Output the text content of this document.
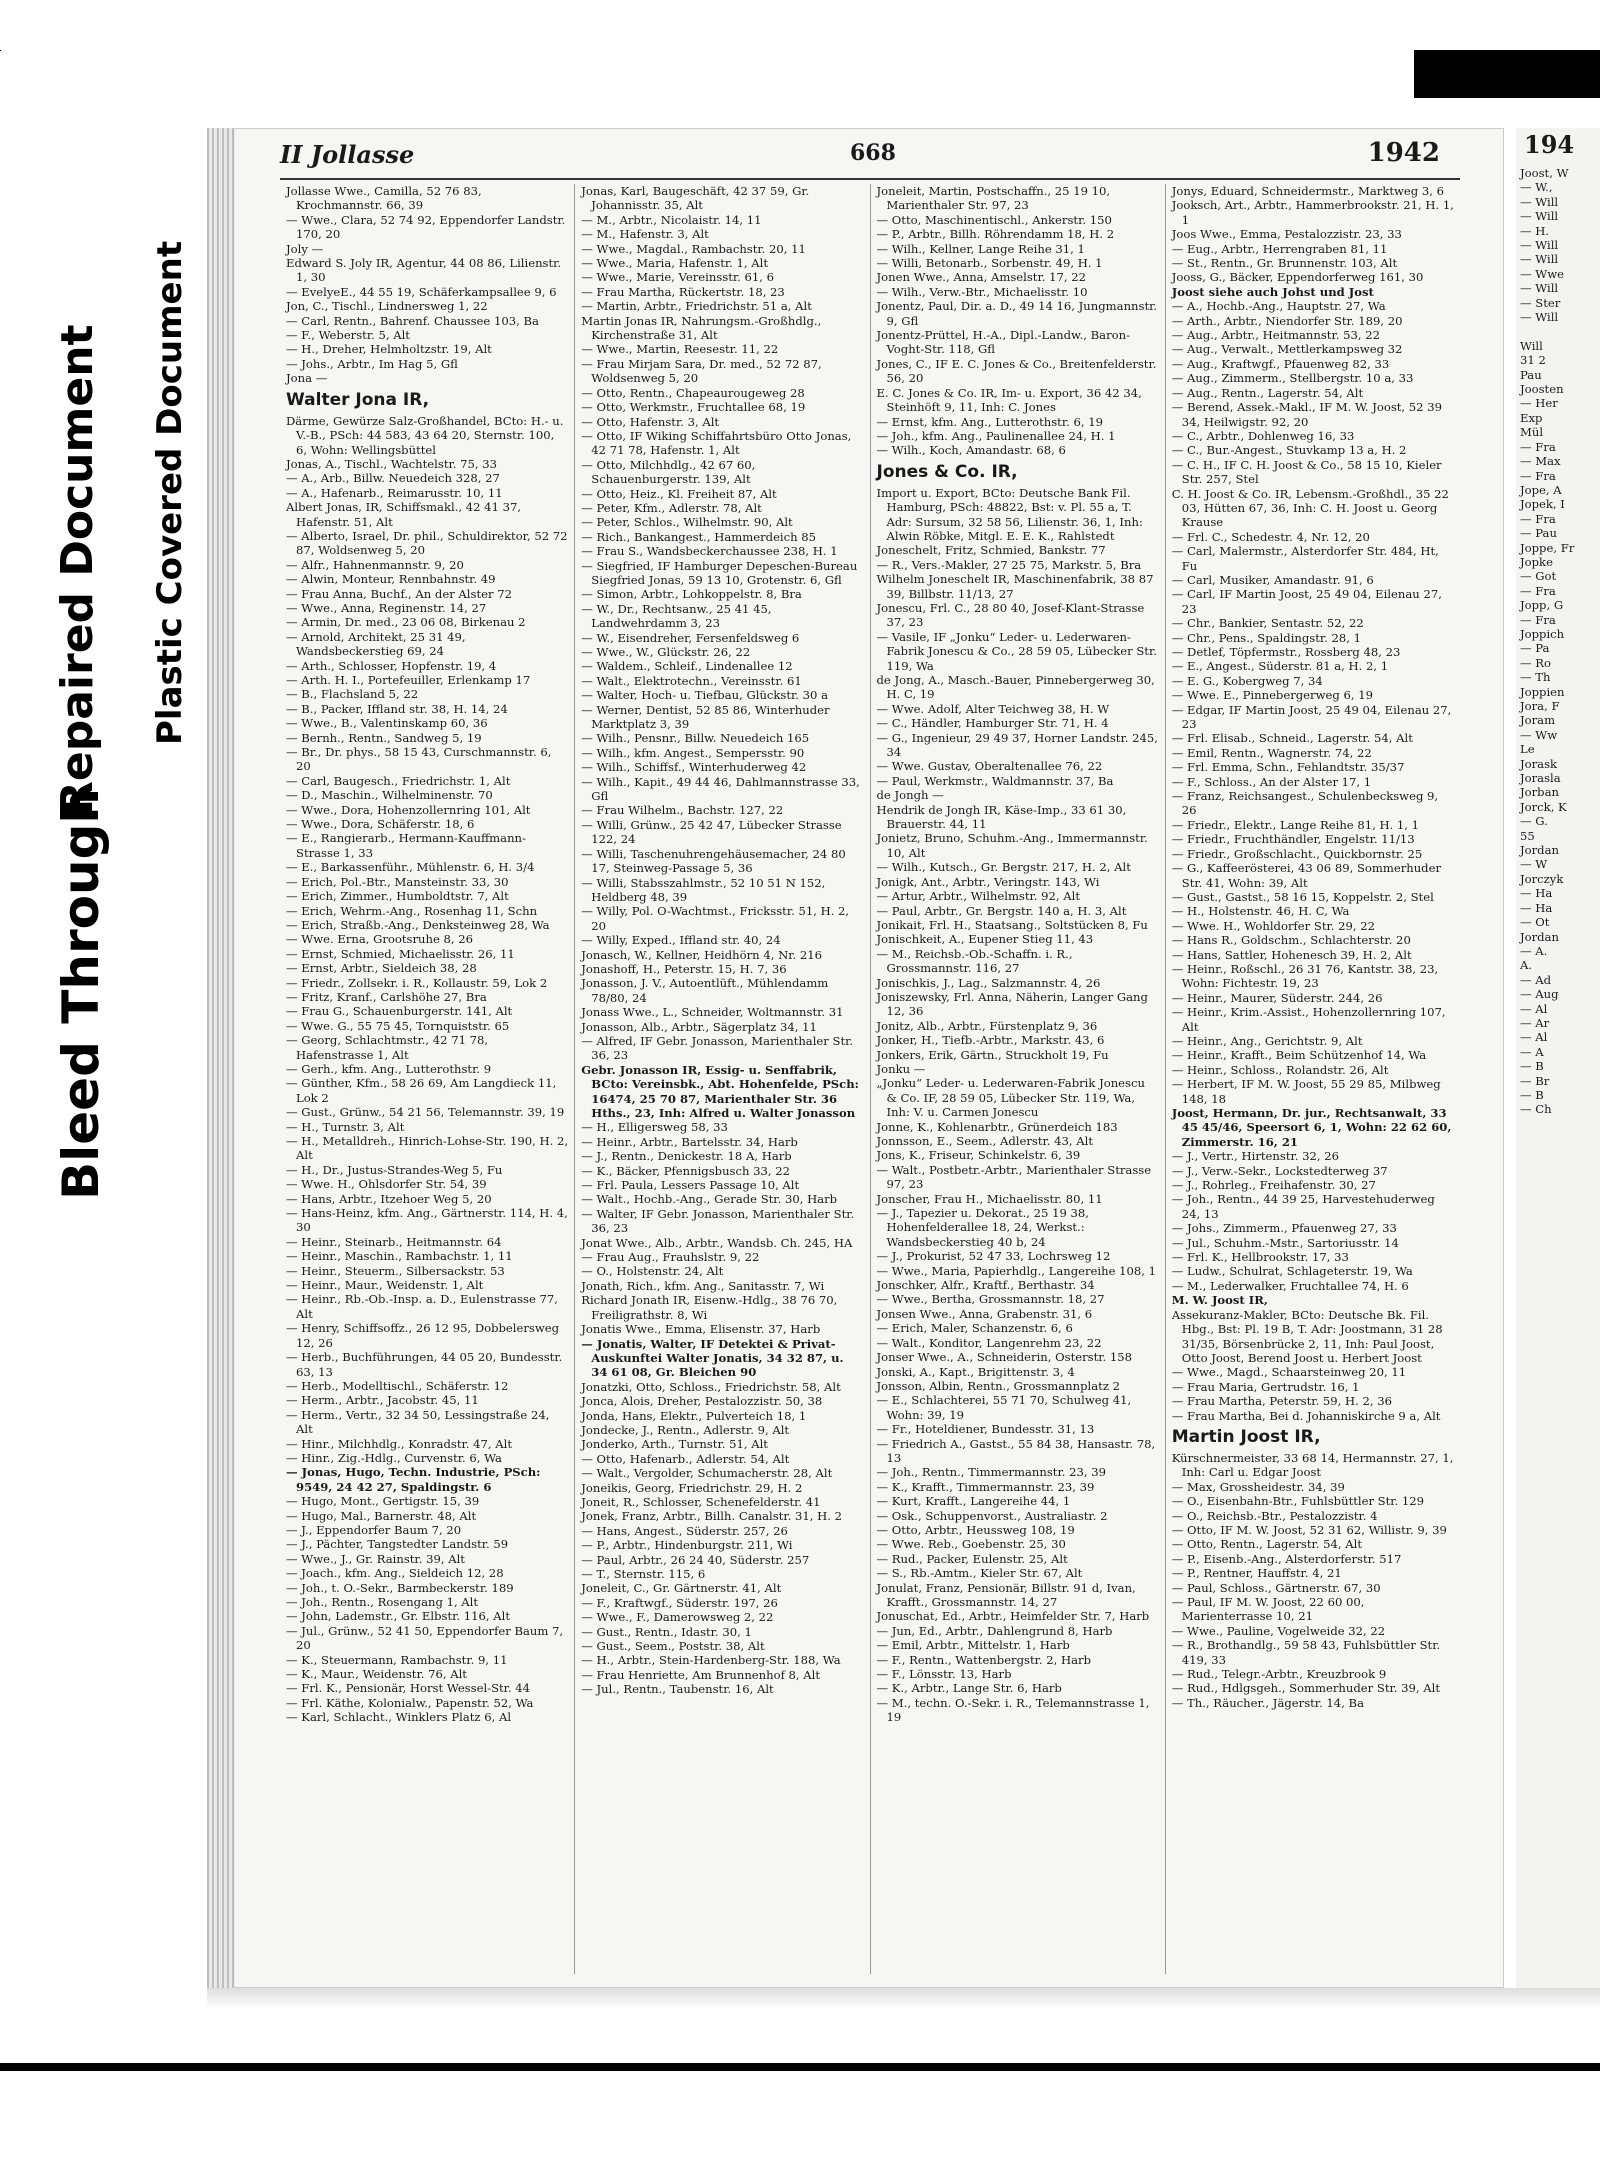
Bleed Through
Repaired Document Plastic Covered Document
II Jollasse	668	1942

Jollasse Wwe., Camilla, 52 76 83, Krochmannstr. 66, 39

— Wwe., Clara, 52 74 92, Eppendorfer Landstr. 170, 20

Joly —

Edward S. Joly IR, Agentur, 44 08 86, Lilienstr. 1, 30

— EvelyeE., 44 55 19, Schäferkampsallee 9, 6

Jon, C., Tischl., Lindnersweg 1, 22

— Carl, Rentn., Bahrenf. Chaussee 103, Ba

— F., Weberstr. 5, Alt

— H., Dreher, Helmholtzstr. 19, Alt

— Johs., Arbtr., Im Hag 5, Gfl

Jona —

Walter Jona IR,

Därme, Gewürze Salz-Großhandel, BCto: H.- u. V.-B., PSch: 44 583, 43 64 20, Sternstr. 100, 6, Wohn: Wellingsbüttel

Jonas, A., Tischl., Wachtelstr. 75, 33

— A., Arb., Billw. Neuedeich 328, 27

— A., Hafenarb., Reimarusstr. 10, 11

Albert Jonas, IR, Schiffsmakl., 42 41 37, Hafenstr. 51, Alt

— Alberto, Israel, Dr. phil., Schuldirektor, 52 72 87, Woldsenweg 5, 20

— Alfr., Hahnenmannstr. 9, 20

— Alwin, Monteur, Rennbahnstr. 49

— Frau Anna, Buchf., An der Alster 72

— Wwe., Anna, Reginenstr. 14, 27

— Armin, Dr. med., 23 06 08, Birkenau 2

— Arnold, Architekt, 25 31 49, Wandsbeckerstieg 69, 24

— Arth., Schlosser, Hopfenstr. 19, 4

— Arth. H. I., Portefeuiller, Erlenkamp 17

— B., Flachsland 5, 22

— B., Packer, Iffland str. 38, H. 14, 24

— Wwe., B., Valentinskamp 60, 36

— Bernh., Rentn., Sandweg 5, 19

— Br., Dr. phys., 58 15 43, Curschmannstr. 6, 20

— Carl, Baugesch., Friedrichstr. 1, Alt

— D., Maschin., Wilhelminenstr. 70

— Wwe., Dora, Hohenzollernring 101, Alt

— Wwe., Dora, Schäferstr. 18, 6

— E., Rangierarb., Hermann-Kauffmann-Strasse 1, 33

— E., Barkassenführ., Mühlenstr. 6, H. 3/4

— Erich, Pol.-Btr., Mansteinstr. 33, 30

— Erich, Zimmer., Humboldtstr. 7, Alt

— Erich, Wehrm.-Ang., Rosenhag 11, Schn

— Erich, Straßb.-Ang., Denksteinweg 28, Wa

— Wwe. Erna, Grootsruhe 8, 26

— Ernst, Schmied, Michaelisstr. 26, 11

— Ernst, Arbtr., Sieldeich 38, 28

— Friedr., Zollsekr. i. R., Kollaustr. 59, Lok 2

— Fritz, Kranf., Carlshöhe 27, Bra

— Frau G., Schauenburgerstr. 141, Alt

— Wwe. G., 55 75 45, Tornquiststr. 65

— Georg, Schlachtmstr., 42 71 78, Hafenstrasse 1, Alt

— Gerh., kfm. Ang., Lutterothstr. 9

— Günther, Kfm., 58 26 69, Am Langdieck 11, Lok 2

— Gust., Grünw., 54 21 56, Telemannstr. 39, 19

— H., Turnstr. 3, Alt

— H., Metalldreh., Hinrich-Lohse-Str. 190, H. 2, Alt

— H., Dr., Justus-Strandes-Weg 5, Fu

— Wwe. H., Ohlsdorfer Str. 54, 39

— Hans, Arbtr., Itzehoer Weg 5, 20

— Hans-Heinz, kfm. Ang., Gärtnerstr. 114, H. 4, 30

— Heinr., Steinarb., Heitmannstr. 64

— Heinr., Maschin., Rambachstr. 1, 11

— Heinr., Steuerm., Silbersackstr. 53

— Heinr., Maur., Weidenstr. 1, Alt

— Heinr., Rb.-Ob.-Insp. a. D., Eulenstrasse 77, Alt

— Henry, Schiffsoffz., 26 12 95, Dobbelersweg 12, 26

— Herb., Buchführungen, 44 05 20, Bundesstr. 63, 13

— Herb., Modelltischl., Schäferstr. 12

— Herm., Arbtr., Jacobstr. 45, 11

— Herm., Vertr., 32 34 50, Lessingstraße 24, Alt

— Hinr., Milchhdlg., Konradstr. 47, Alt

— Hinr., Zig.-Hdlg., Curvenstr. 6, Wa

— Jonas, Hugo, Techn. Industrie, PSch: 9549, 24 42 27, Spaldingstr. 6

— Hugo, Mont., Gertigstr. 15, 39

— Hugo, Mal., Barnerstr. 48, Alt

— J., Eppendorfer Baum 7, 20

— J., Pächter, Tangstedter Landstr. 59

— Wwe., J., Gr. Rainstr. 39, Alt

— Joach., kfm. Ang., Sieldeich 12, 28

— Joh., t. O.-Sekr., Barmbeckerstr. 189

— Joh., Rentn., Rosengang 1, Alt

— John, Lademstr., Gr. Elbstr. 116, Alt

— Jul., Grünw., 52 41 50, Eppendorfer Baum 7, 20

— K., Steuermann, Rambachstr. 9, 11

— K., Maur., Weidenstr. 76, Alt

— Frl. K., Pensionär, Horst Wessel-Str. 44

— Frl. Käthe, Kolonialw., Papenstr. 52, Wa

— Karl, Schlacht., Winklers Platz 6, Al

Jonas, Karl, Baugeschäft, 42 37 59, Gr. Johannisstr. 35, Alt

— M., Arbtr., Nicolaistr. 14, 11

— M., Hafenstr. 3, Alt

— Wwe., Magdal., Rambachstr. 20, 11

— Wwe., Maria, Hafenstr. 1, Alt

— Wwe., Marie, Vereinsstr. 61, 6

— Frau Martha, Rückertstr. 18, 23

— Martin, Arbtr., Friedrichstr. 51 a, Alt

Martin Jonas IR, Nahrungsm.-Großhdlg., Kirchenstraße 31, Alt

— Wwe., Martin, Reesestr. 11, 22

— Frau Mirjam Sara, Dr. med., 52 72 87, Woldsenweg 5, 20

— Otto, Rentn., Chapeaurougeweg 28

— Otto, Werkmstr., Fruchtallee 68, 19

— Otto, Hafenstr. 3, Alt

— Otto, IF Wiking Schiffahrtsbüro Otto Jonas, 42 71 78, Hafenstr. 1, Alt

— Otto, Milchhdlg., 42 67 60, Schauenburgerstr. 139, Alt

— Otto, Heiz., Kl. Freiheit 87, Alt

— Peter, Kfm., Adlerstr. 78, Alt

— Peter, Schlos., Wilhelmstr. 90, Alt

— Rich., Bankangest., Hammerdeich 85

— Frau S., Wandsbeckerchaussee 238, H. 1

— Siegfried, IF Hamburger Depeschen-Bureau Siegfried Jonas, 59 13 10, Grotenstr. 6, Gfl

— Simon, Arbtr., Lohkoppelstr. 8, Bra

— W., Dr., Rechtsanw., 25 41 45, Landwehrdamm 3, 23

— W., Eisendreher, Fersenfeldsweg 6

— Wwe., W., Glückstr. 26, 22

— Waldem., Schleif., Lindenallee 12

— Walt., Elektrotechn., Vereinsstr. 61

— Walter, Hoch- u. Tiefbau, Glückstr. 30 a

— Werner, Dentist, 52 85 86, Winterhuder Marktplatz 3, 39

— Wilh., Pensnr., Billw. Neuedeich 165

— Wilh., kfm. Angest., Sempersstr. 90

— Wilh., Schiffsf., Winterhuderweg 42

— Wilh., Kapit., 49 44 46, Dahlmannstrasse 33, Gfl

— Frau Wilhelm., Bachstr. 127, 22

— Willi, Grünw., 25 42 47, Lübecker Strasse 122, 24

— Willi, Taschenuhrengehäusemacher, 24 80 17, Steinweg-Passage 5, 36

— Willi, Stabsszahlmstr., 52 10 51 N 152, Heldberg 48, 39

— Willy, Pol. O-Wachtmst., Fricksstr. 51, H. 2, 20

— Willy, Exped., Iffland str. 40, 24

Jonasch, W., Kellner, Heidhörn 4, Nr. 216

Jonashoff, H., Peterstr. 15, H. 7, 36

Jonasson, J. V., Autoentlüft., Mühlendamm 78/80, 24

Jonass Wwe., L., Schneider, Woltmannstr. 31

Jonasson, Alb., Arbtr., Sägerplatz 34, 11

— Alfred, IF Gebr. Jonasson, Marienthaler Str. 36, 23

Gebr. Jonasson IR, Essig- u. Senffabrik, BCto: Vereinsbk., Abt. Hohenfelde, PSch: 16474, 25 70 87, Marienthaler Str. 36 Hths., 23, Inh: Alfred u. Walter Jonasson

— H., Elligersweg 58, 33

— Heinr., Arbtr., Bartelsstr. 34, Harb

— J., Rentn., Denickestr. 18 A, Harb

— K., Bäcker, Pfennigsbusch 33, 22

— Frl. Paula, Lessers Passage 10, Alt

— Walt., Hochb.-Ang., Gerade Str. 30, Harb

— Walter, IF Gebr. Jonasson, Marienthaler Str. 36, 23

Jonat Wwe., Alb., Arbtr., Wandsb. Ch. 245, HA

— Frau Aug., Frauhslstr. 9, 22

— O., Holstenstr. 24, Alt

Jonath, Rich., kfm. Ang., Sanitasstr. 7, Wi

Richard Jonath IR, Eisenw.-Hdlg., 38 76 70, Freiligrathstr. 8, Wi

Jonatis Wwe., Emma, Elisenstr. 37, Harb

— Jonatis, Walter, IF Detektei & Privat-Auskunftei Walter Jonatis, 34 32 87, u. 34 61 08, Gr. Bleichen 90

Jonatzki, Otto, Schloss., Friedrichstr. 58, Alt

Jonca, Alois, Dreher, Pestalozzistr. 50, 38

Jonda, Hans, Elektr., Pulverteich 18, 1

Jondecke, J., Rentn., Adlerstr. 9, Alt

Jonderko, Arth., Turnstr. 51, Alt

— Otto, Hafenarb., Adlerstr. 54, Alt

— Walt., Vergolder, Schumacherstr. 28, Alt

Joneikis, Georg, Friedrichstr. 29, H. 2

Joneit, R., Schlosser, Schenefelderstr. 41

Jonek, Franz, Arbtr., Billh. Canalstr. 31, H. 2

— Hans, Angest., Süderstr. 257, 26

— P., Arbtr., Hindenburgstr. 211, Wi

— Paul, Arbtr., 26 24 40, Süderstr. 257

— T., Sternstr. 115, 6

Joneleit, C., Gr. Gärtnerstr. 41, Alt

— F., Kraftwgf., Süderstr. 197, 26

— Wwe., F., Damerowsweg 2, 22

— Gust., Rentn., Idastr. 30, 1

— Gust., Seem., Poststr. 38, Alt

— H., Arbtr., Stein-Hardenberg-Str. 188, Wa

— Frau Henriette, Am Brunnenhof 8, Alt

— Jul., Rentn., Taubenstr. 16, Alt

Joneleit, Martin, Postschaffn., 25 19 10, Marienthaler Str. 97, 23

— Otto, Maschinentischl., Ankerstr. 150

— P., Arbtr., Billh. Röhrendamm 18, H. 2

— Wilh., Kellner, Lange Reihe 31, 1

— Willi, Betonarb., Sorbenstr. 49, H. 1

Jonen Wwe., Anna, Amselstr. 17, 22

— Wilh., Verw.-Btr., Michaelisstr. 10

Jonentz, Paul, Dir. a. D., 49 14 16, Jungmannstr. 9, Gfl

Jonentz-Prüttel, H.-A., Dipl.-Landw., Baron-Voght-Str. 118, Gfl

Jones, C., IF E. C. Jones & Co., Breitenfelderstr. 56, 20

E. C. Jones & Co. IR, Im- u. Export, 36 42 34, Steinhöft 9, 11, Inh: C. Jones

— Ernst, kfm. Ang., Lutterothstr. 6, 19

— Joh., kfm. Ang., Paulinenallee 24, H. 1

— Wilh., Koch, Amandastr. 68, 6

Jones & Co. IR,

Import u. Export, BCto: Deutsche Bank Fil. Hamburg, PSch: 48822, Bst: v. Pl. 55 a, T. Adr: Sursum, 32 58 56, Lilienstr. 36, 1, Inh: Alwin Röbke, Mitgl. E. E. K., Rahlstedt

Joneschelt, Fritz, Schmied, Bankstr. 77

— R., Vers.-Makler, 27 25 75, Markstr. 5, Bra

Wilhelm Joneschelt IR, Maschinenfabrik, 38 87 39, Billbstr. 11/13, 27

Jonescu, Frl. C., 28 80 40, Josef-Klant-Strasse 37, 23

— Vasile, IF „Jonku“ Leder- u. Lederwaren-Fabrik Jonescu & Co., 28 59 05, Lübecker Str. 119, Wa

de Jong, A., Masch.-Bauer, Pinnebergerweg 30, H. C, 19

— Wwe. Adolf, Alter Teichweg 38, H. W

— C., Händler, Hamburger Str. 71, H. 4

— G., Ingenieur, 29 49 37, Horner Landstr. 245, 34

— Wwe. Gustav, Oberaltenallee 76, 22

— Paul, Werkmstr., Waldmannstr. 37, Ba

de Jongh —

Hendrik de Jongh IR, Käse-Imp., 33 61 30, Brauerstr. 44, 11

Jonietz, Bruno, Schuhm.-Ang., Immermannstr. 10, Alt

— Wilh., Kutsch., Gr. Bergstr. 217, H. 2, Alt

Jonigk, Ant., Arbtr., Veringstr. 143, Wi

— Artur, Arbtr., Wilhelmstr. 92, Alt

— Paul, Arbtr., Gr. Bergstr. 140 a, H. 3, Alt

Jonikait, Frl. H., Staatsang., Soltstücken 8, Fu

Jonischkeit, A., Eupener Stieg 11, 43

— M., Reichsb.-Ob.-Schaffn. i. R., Grossmannstr. 116, 27

Jonischkis, J., Lag., Salzmannstr. 4, 26

Joniszewsky, Frl. Anna, Näherin, Langer Gang 12, 36

Jonitz, Alb., Arbtr., Fürstenplatz 9, 36

Jonker, H., Tiefb.-Arbtr., Markstr. 43, 6

Jonkers, Erik, Gärtn., Struckholt 19, Fu

Jonku —

„Jonku“ Leder- u. Lederwaren-Fabrik Jonescu & Co. IF, 28 59 05, Lübecker Str. 119, Wa, Inh: V. u. Carmen Jonescu

Jonne, K., Kohlenarbtr., Grünerdeich 183

Jonnsson, E., Seem., Adlerstr. 43, Alt

Jons, K., Friseur, Schinkelstr. 6, 39

— Walt., Postbetr.-Arbtr., Marienthaler Strasse 97, 23

Jonscher, Frau H., Michaelisstr. 80, 11

— J., Tapezier u. Dekorat., 25 19 38, Hohenfelderallee 18, 24, Werkst.: Wandsbeckerstieg 40 b, 24

— J., Prokurist, 52 47 33, Lochrsweg 12

— Wwe., Maria, Papierhdlg., Langereihe 108, 1

Jonschker, Alfr., Kraftf., Berthastr. 34

— Wwe., Bertha, Grossmannstr. 18, 27

Jonsen Wwe., Anna, Grabenstr. 31, 6

— Erich, Maler, Schanzenstr. 6, 6

— Walt., Konditor, Langenrehm 23, 22

Jonser Wwe., A., Schneiderin, Osterstr. 158

Jonski, A., Kapt., Brigittenstr. 3, 4

Jonsson, Albin, Rentn., Grossmannplatz 2

— E., Schlachterei, 55 71 70, Schulweg 41, Wohn: 39, 19

— Fr., Hoteldiener, Bundesstr. 31, 13

— Friedrich A., Gastst., 55 84 38, Hansastr. 78, 13

— Joh., Rentn., Timmermannstr. 23, 39

— K., Krafft., Timmermannstr. 23, 39

— Kurt, Krafft., Langereihe 44, 1

— Osk., Schuppenvorst., Australiastr. 2

— Otto, Arbtr., Heussweg 108, 19

— Wwe. Reb., Goebenstr. 25, 30

— Rud., Packer, Eulenstr. 25, Alt

— S., Rb.-Amtm., Kieler Str. 67, Alt

Jonulat, Franz, Pensionär, Billstr. 91 d, Ivan, Krafft., Grossmannstr. 14, 27

Jonuschat, Ed., Arbtr., Heimfelder Str. 7, Harb

— Jun, Ed., Arbtr., Dahlengrund 8, Harb

— Emil, Arbtr., Mittelstr. 1, Harb

— F., Rentn., Wattenbergstr. 2, Harb

— F., Lönsstr. 13, Harb

— K., Arbtr., Lange Str. 6, Harb

— M., techn. O.-Sekr. i. R., Telemannstrasse 1, 19

Jonys, Eduard, Schneidermstr., Marktweg 3, 6

Jooksch, Art., Arbtr., Hammerbrookstr. 21, H. 1, 1

Joos Wwe., Emma, Pestalozzistr. 23, 33

— Eug., Arbtr., Herrengraben 81, 11

— St., Rentn., Gr. Brunnenstr. 103, Alt

Jooss, G., Bäcker, Eppendorferweg 161, 30

Joost siehe auch Johst und Jost

— A., Hochb.-Ang., Hauptstr. 27, Wa

— Arth., Arbtr., Niendorfer Str. 189, 20

— Aug., Arbtr., Heitmannstr. 53, 22

— Aug., Verwalt., Mettlerkampsweg 32

— Aug., Kraftwgf., Pfauenweg 82, 33

— Aug., Zimmerm., Stellbergstr. 10 a, 33

— Aug., Rentn., Lagerstr. 54, Alt

— Berend, Assek.-Makl., IF M. W. Joost, 52 39 34, Heilwigstr. 92, 20

— C., Arbtr., Dohlenweg 16, 33

— C., Bur.-Angest., Stuvkamp 13 a, H. 2

— C. H., IF C. H. Joost & Co., 58 15 10, Kieler Str. 257, Stel

C. H. Joost & Co. IR, Lebensm.-Großhdl., 35 22 03, Hütten 67, 36, Inh: C. H. Joost u. Georg Krause

— Frl. C., Schedestr. 4, Nr. 12, 20

— Carl, Malermstr., Alsterdorfer Str. 484, Ht, Fu

— Carl, Musiker, Amandastr. 91, 6

— Carl, IF Martin Joost, 25 49 04, Eilenau 27, 23

— Chr., Bankier, Sentastr. 52, 22

— Chr., Pens., Spaldingstr. 28, 1

— Detlef, Töpfermstr., Rossberg 48, 23

— E., Angest., Süderstr. 81 a, H. 2, 1

— E. G., Kobergweg 7, 34

— Wwe. E., Pinnebergerweg 6, 19

— Edgar, IF Martin Joost, 25 49 04, Eilenau 27, 23

— Frl. Elisab., Schneid., Lagerstr. 54, Alt

— Emil, Rentn., Wagnerstr. 74, 22

— Frl. Emma, Schn., Fehlandtstr. 35/37

— F., Schloss., An der Alster 17, 1

— Franz, Reichsangest., Schulenbecksweg 9, 26

— Friedr., Elektr., Lange Reihe 81, H. 1, 1

— Friedr., Fruchthändler, Engelstr. 11/13

— Friedr., Großschlacht., Quickbornstr. 25

— G., Kaffeerösterei, 43 06 89, Sommerhuder Str. 41, Wohn: 39, Alt

— Gust., Gastst., 58 16 15, Koppelstr. 2, Stel

— H., Holstenstr. 46, H. C, Wa

— Wwe. H., Wohldorfer Str. 29, 22

— Hans R., Goldschm., Schlachterstr. 20

— Hans, Sattler, Hohenesch 39, H. 2, Alt

— Heinr., Roßschl., 26 31 76, Kantstr. 38, 23, Wohn: Fichtestr. 19, 23

— Heinr., Maurer, Süderstr. 244, 26

— Heinr., Krim.-Assist., Hohenzollernring 107, Alt

— Heinr., Ang., Gerichtstr. 9, Alt

— Heinr., Krafft., Beim Schützenhof 14, Wa

— Heinr., Schloss., Rolandstr. 26, Alt

— Herbert, IF M. W. Joost, 55 29 85, Milbweg 148, 18

Joost, Hermann, Dr. jur., Rechtsanwalt, 33 45 45/46, Speersort 6, 1, Wohn: 22 62 60, Zimmerstr. 16, 21

— J., Vertr., Hirtenstr. 32, 26

— J., Verw.-Sekr., Lockstedterweg 37

— J., Rohrleg., Freihafenstr. 30, 27

— Joh., Rentn., 44 39 25, Harvestehuderweg 24, 13

— Johs., Zimmerm., Pfauenweg 27, 33

— Jul., Schuhm.-Mstr., Sartoriusstr. 14

— Frl. K., Hellbrookstr. 17, 33

— Ludw., Schulrat, Schlageterstr. 19, Wa

— M., Lederwalker, Fruchtallee 74, H. 6

M. W. Joost IR,

Assekuranz-Makler, BCto: Deutsche Bk. Fil. Hbg., Bst: Pl. 19 B, T. Adr: Joostmann, 31 28 31/35, Börsenbrücke 2, 11, Inh: Paul Joost, Otto Joost, Berend Joost u. Herbert Joost

— Wwe., Magd., Schaarsteinweg 20, 11

— Frau Maria, Gertrudstr. 16, 1

— Frau Martha, Peterstr. 59, H. 2, 36

— Frau Martha, Bei d. Johanniskirche 9 a, Alt

Martin Joost IR,

Kürschnermeister, 33 68 14, Hermannstr. 27, 1, Inh: Carl u. Edgar Joost

— Max, Grossheidestr. 34, 39

— O., Eisenbahn-Btr., Fuhlsbüttler Str. 129

— O., Reichsb.-Btr., Pestalozzistr. 4

— Otto, IF M. W. Joost, 52 31 62, Willistr. 9, 39

— Otto, Rentn., Lagerstr. 54, Alt

— P., Eisenb.-Ang., Alsterdorferstr. 517

— P., Rentner, Hauffstr. 4, 21

— Paul, Schloss., Gärtnerstr. 67, 30

— Paul, IF M. W. Joost, 22 60 00, Marienterrasse 10, 21

— Wwe., Pauline, Vogelweide 32, 22

— R., Brothandlg., 59 58 43, Fuhlsbüttler Str. 419, 33

— Rud., Telegr.-Arbtr., Kreuzbrook 9

— Rud., Hdlgsgeh., Sommerhuder Str. 39, Alt

— Th., Räucher., Jägerstr. 14, Ba

194
Joost, W
— W.,
— Will
— Will
— H.
— Will
— Will
— Wwe
— Will
— Ster
— Will
Will
31 2
Pau
Joosten
— Her
Exp
Mül
— Fra
— Max
— Fra
Jope, A
Jopek, I
— Fra
— Pau
Joppe, Fr
Jopke
— Got
— Fra
Jopp, G
— Fra
Joppich
— Pa
— Ro
— Th
Joppien
Jora, F
Joram
— Ww
Le
Jorask
Jorasla
Jorban
Jorck, K
— G.
55
Jordan
— W
Jorczyk
— Ha
— Ha
— Ot
Jordan
— A.
A.
— Ad
— Aug
— Al
— Ar
— Al
— A
— B
— Br
— B
— Ch
